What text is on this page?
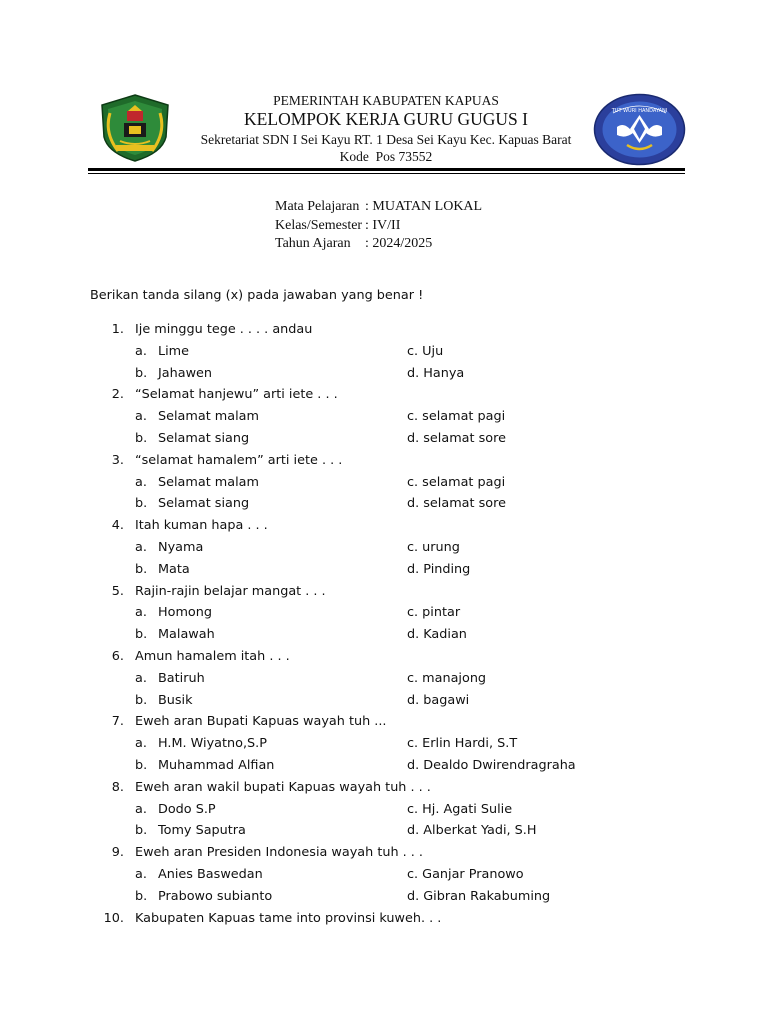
TUT WURI HANDAYANI
PEMERINTAH KABUPATEN KAPUAS
KELOMPOK KERJA GURU GUGUS I
Sekretariat SDN I Sei Kayu RT. 1 Desa Sei Kayu Kec. Kapuas Barat
Kode  Pos 73552
Mata Pelajaran : MUATAN LOKAL
Kelas/Semester : IV/II
Tahun Ajaran : 2024/2025
Berikan tanda silang (x) pada jawaban yang benar !
1. Ije minggu tege . . . . andau
a. Lime	c. Uju
b. Jahawen	d. Hanya
2. “Selamat hanjewu” arti iete . . .
a. Selamat malam	c. selamat pagi
b. Selamat siang	d. selamat sore
3. “selamat hamalem” arti iete . . .
a. Selamat malam	c. selamat pagi
b. Selamat siang	d. selamat sore
4. Itah kuman hapa . . .
a. Nyama	c. urung
b. Mata	d. Pinding
5. Rajin-rajin belajar mangat . . .
a. Homong	c. pintar
b. Malawah	d. Kadian
6. Amun hamalem itah . . .
a. Batiruh	c. manajong
b. Busik	d. bagawi
7. Eweh aran Bupati Kapuas wayah tuh ...
a. H.M. Wiyatno,S.P	c. Erlin Hardi, S.T
b. Muhammad Alfian	d. Dealdo Dwirendragraha
8. Eweh aran wakil bupati Kapuas wayah tuh . . .
a. Dodo S.P	c. Hj. Agati Sulie
b. Tomy Saputra	d. Alberkat Yadi, S.H
9. Eweh aran Presiden Indonesia wayah tuh . . .
a. Anies Baswedan	c. Ganjar Pranowo
b. Prabowo subianto	d. Gibran Rakabuming
10. Kabupaten Kapuas tame into provinsi kuweh. . .
